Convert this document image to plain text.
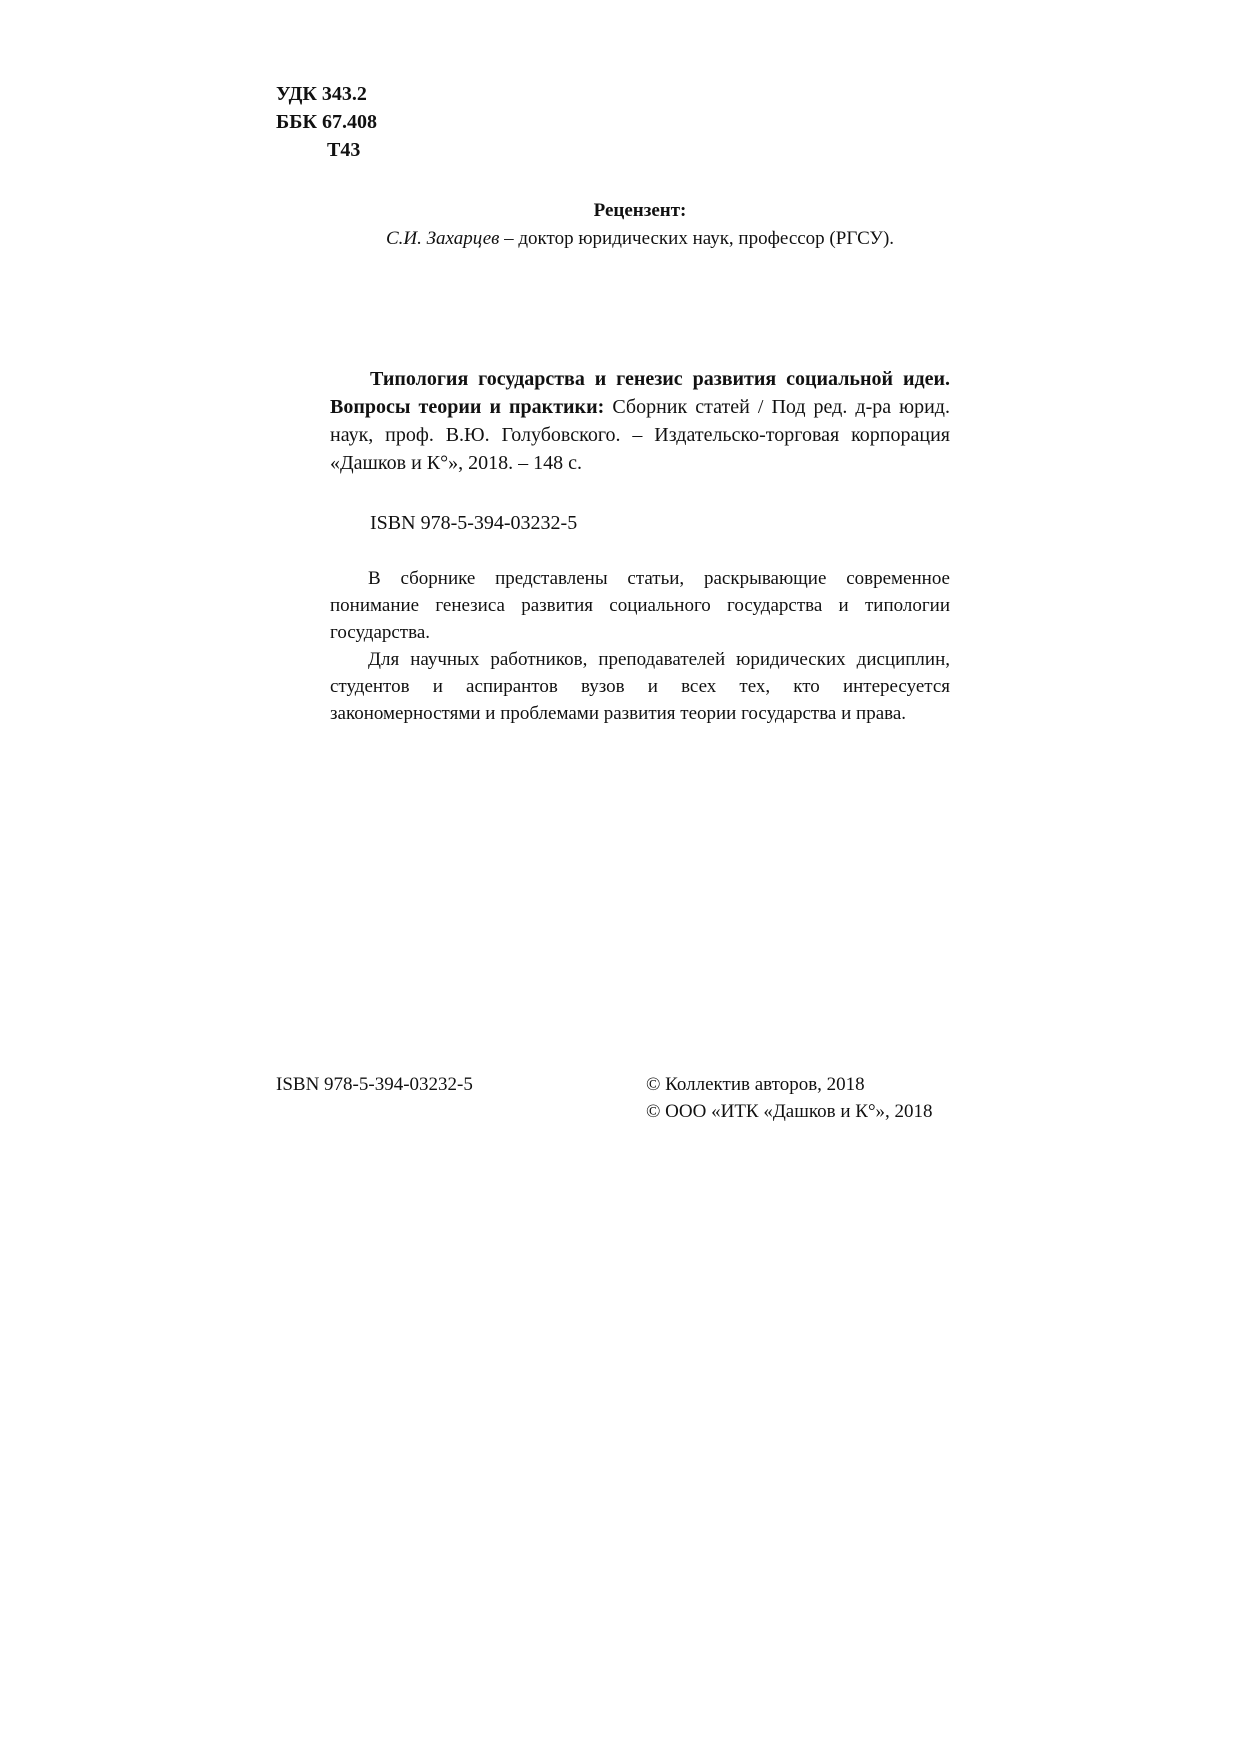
УДК 343.2
ББК 67.408
Т43
Рецензент:
С.И. Захарцев – доктор юридических наук, профессор (РГСУ).
Типология государства и генезис развития социальной идеи. Вопросы теории и практики: Сборник статей / Под ред. д-ра юрид. наук, проф. В.Ю. Голубовского. – Издательско-торговая корпорация «Дашков и К°», 2018. – 148 с.
ISBN 978-5-394-03232-5

В сборнике представлены статьи, раскрывающие современное понимание генезиса развития социального государства и типологии государства.

Для научных работников, преподавателей юридических дисциплин, студентов и аспирантов вузов и всех тех, кто интересуется закономерностями и проблемами развития теории государства и права.

ISBN 978-5-394-03232-5	© Коллектив авторов, 2018
© ООО «ИТК «Дашков и К°», 2018
